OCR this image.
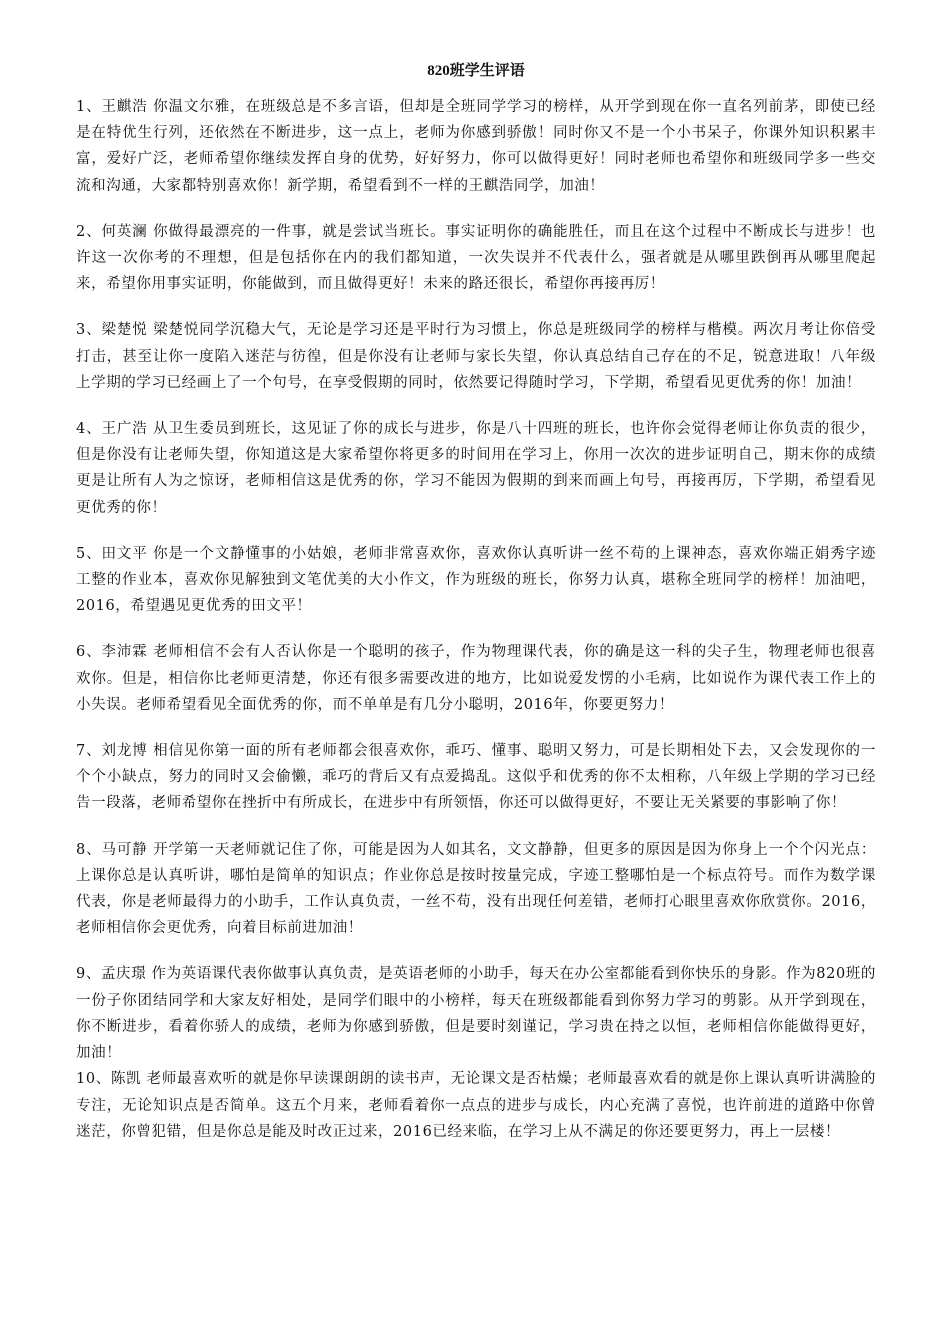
820班学生评语

1、王麒浩 你温文尔雅，在班级总是不多言语，但却是全班同学学习的榜样，从开学到现在你一直名列前茅，即使已经是在特优生行列，还依然在不断进步，这一点上，老师为你感到骄傲！同时你又不是一个小书呆子，你课外知识积累丰富，爱好广泛，老师希望你继续发挥自身的优势，好好努力，你可以做得更好！同时老师也希望你和班级同学多一些交流和沟通，大家都特别喜欢你！新学期，希望看到不一样的王麒浩同学，加油！

2、何英澜 你做得最漂亮的一件事，就是尝试当班长。事实证明你的确能胜任，而且在这个过程中不断成长与进步！也许这一次你考的不理想，但是包括你在内的我们都知道，一次失误并不代表什么，强者就是从哪里跌倒再从哪里爬起来，希望你用事实证明，你能做到，而且做得更好！未来的路还很长，希望你再接再厉！

3、梁楚悦 梁楚悦同学沉稳大气，无论是学习还是平时行为习惯上，你总是班级同学的榜样与楷模。两次月考让你倍受打击，甚至让你一度陷入迷茫与彷徨，但是你没有让老师与家长失望，你认真总结自己存在的不足，锐意进取！八年级上学期的学习已经画上了一个句号，在享受假期的同时，依然要记得随时学习，下学期，希望看见更优秀的你！加油！

4、王广浩 从卫生委员到班长，这见证了你的成长与进步，你是八十四班的班长，也许你会觉得老师让你负责的很少，但是你没有让老师失望，你知道这是大家希望你将更多的时间用在学习上，你用一次次的进步证明自己，期末你的成绩更是让所有人为之惊讶，老师相信这是优秀的你，学习不能因为假期的到来而画上句号，再接再厉，下学期，希望看见更优秀的你！

5、田文平 你是一个文静懂事的小姑娘，老师非常喜欢你，喜欢你认真听讲一丝不苟的上课神态，喜欢你端正娟秀字迹工整的作业本，喜欢你见解独到文笔优美的大小作文，作为班级的班长，你努力认真，堪称全班同学的榜样！加油吧，2016，希望遇见更优秀的田文平！

6、李沛霖 老师相信不会有人否认你是一个聪明的孩子，作为物理课代表，你的确是这一科的尖子生，物理老师也很喜欢你。但是，相信你比老师更清楚，你还有很多需要改进的地方，比如说爱发愣的小毛病，比如说作为课代表工作上的小失误。老师希望看见全面优秀的你，而不单单是有几分小聪明，2016年，你要更努力！

7、刘龙博 相信见你第一面的所有老师都会很喜欢你，乖巧、懂事、聪明又努力，可是长期相处下去，又会发现你的一个个小缺点，努力的同时又会偷懒，乖巧的背后又有点爱捣乱。这似乎和优秀的你不太相称，八年级上学期的学习已经告一段落，老师希望你在挫折中有所成长，在进步中有所领悟，你还可以做得更好，不要让无关紧要的事影响了你！

8、马可静 开学第一天老师就记住了你，可能是因为人如其名，文文静静，但更多的原因是因为你身上一个个闪光点：上课你总是认真听讲，哪怕是简单的知识点；作业你总是按时按量完成，字迹工整哪怕是一个标点符号。而作为数学课代表，你是老师最得力的小助手，工作认真负责，一丝不苟，没有出现任何差错，老师打心眼里喜欢你欣赏你。2016，老师相信你会更优秀，向着目标前进加油！

9、孟庆璟 作为英语课代表你做事认真负责，是英语老师的小助手，每天在办公室都能看到你快乐的身影。作为820班的一份子你团结同学和大家友好相处，是同学们眼中的小榜样，每天在班级都能看到你努力学习的剪影。从开学到现在，你不断进步，看着你骄人的成绩，老师为你感到骄傲，但是要时刻谨记，学习贵在持之以恒，老师相信你能做得更好，加油！

10、陈凯 老师最喜欢听的就是你早读课朗朗的读书声，无论课文是否枯燥；老师最喜欢看的就是你上课认真听讲满脸的专注，无论知识点是否简单。这五个月来，老师看着你一点点的进步与成长，内心充满了喜悦，也许前进的道路中你曾迷茫，你曾犯错，但是你总是能及时改正过来，2016已经来临，在学习上从不满足的你还要更努力，再上一层楼！
